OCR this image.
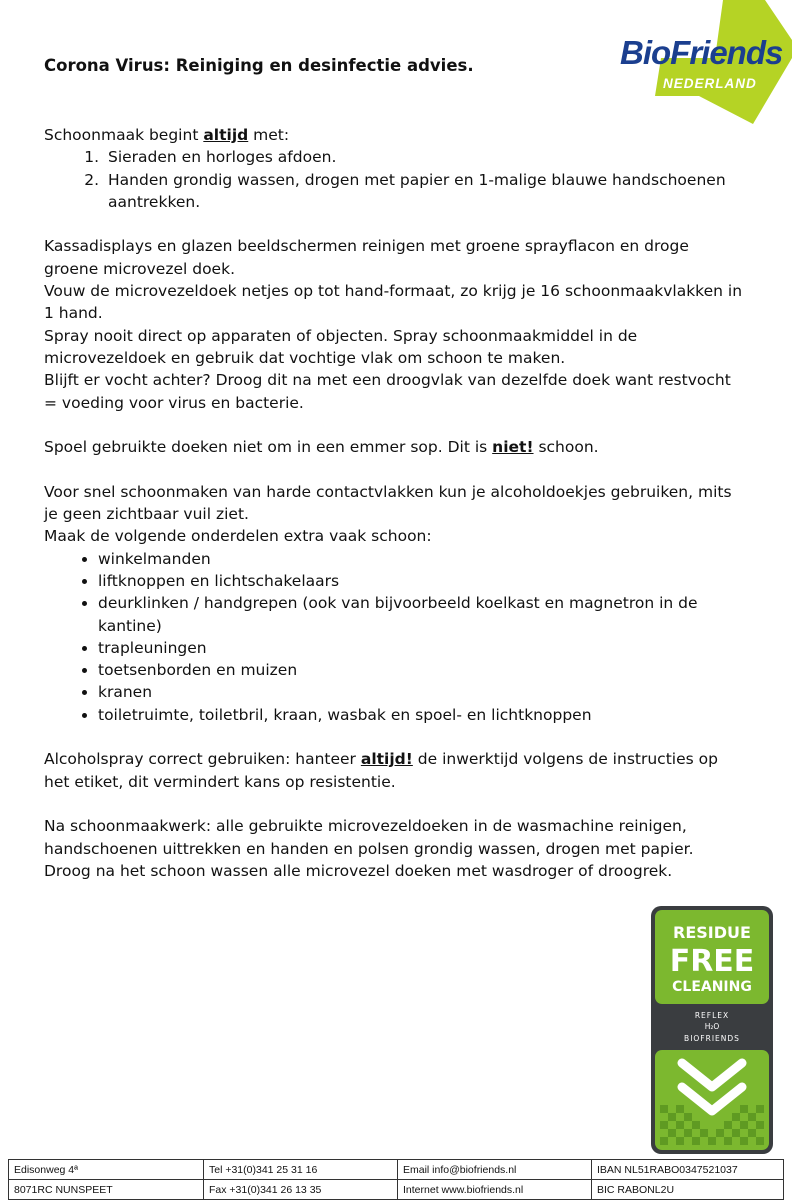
Corona Virus: Reiniging en desinfectie advies.	BioFriends
NEDERLAND

Schoonmaak begint altijd met:

1. Sieraden en horloges afdoen.
2. Handen grondig wassen, drogen met papier en 1-malige blauwe handschoenen aantrekken.

Kassadisplays en glazen beeldschermen reinigen met groene sprayflacon en droge groene microvezel doek.

Vouw de microvezeldoek netjes op tot hand-formaat, zo krijg je 16 schoonmaakvlakken in 1 hand.

Spray nooit direct op apparaten of objecten. Spray schoonmaakmiddel in de microvezeldoek en gebruik dat vochtige vlak om schoon te maken.

Blijft er vocht achter? Droog dit na met een droogvlak van dezelfde doek want restvocht = voeding voor virus en bacterie.

Spoel gebruikte doeken niet om in een emmer sop. Dit is niet! schoon.

Voor snel schoonmaken van harde contactvlakken kun je alcoholdoekjes gebruiken, mits je geen zichtbaar vuil ziet.

Maak de volgende onderdelen extra vaak schoon:

• winkelmanden
• liftknoppen en lichtschakelaars
• deurklinken / handgrepen (ook van bijvoorbeeld koelkast en magnetron in de kantine)
• trapleuningen
• toetsenborden en muizen
• kranen
• toiletruimte, toiletbril, kraan, wasbak en spoel- en lichtknoppen

Alcoholspray correct gebruiken: hanteer altijd! de inwerktijd volgens de instructies op het etiket, dit vermindert kans op resistentie.

Na schoonmaakwerk: alle gebruikte microvezeldoeken in de wasmachine reinigen, handschoenen uittrekken en handen en polsen grondig wassen, drogen met papier.

Droog na het schoon wassen alle microvezel doeken met wasdroger of droogrek.

RESIDUE
FREE
CLEANING
REFLEX
H₂O
BIOFRIENDS
Edisonweg 4ª	Tel +31(0)341 25 31 16	Email info@biofriends.nl	IBAN NL51RABO0347521037
8071RC NUNSPEET	Fax +31(0)341 26 13 35	Internet www.biofriends.nl	BIC RABONL2U
